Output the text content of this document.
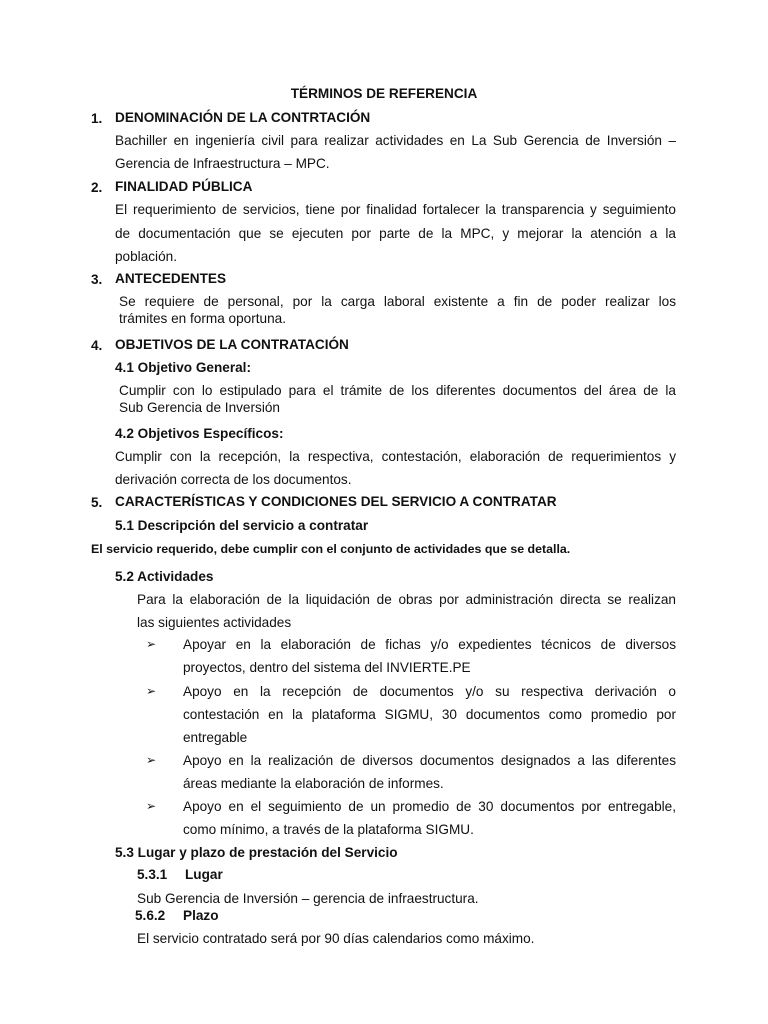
TÉRMINOS DE REFERENCIA
1. DENOMINACIÓN DE LA CONTRTACIÓN
Bachiller en ingeniería civil para realizar actividades en La Sub Gerencia de Inversión –
Gerencia de Infraestructura – MPC.
2. FINALIDAD PÚBLICA
El requerimiento de servicios, tiene por finalidad fortalecer la transparencia y seguimiento
de documentación que se ejecuten por parte de la MPC, y mejorar la atención a la
población.
3. ANTECEDENTES
Se requiere de personal, por la carga laboral existente a fin de poder realizar los
trámites en forma oportuna.
4. OBJETIVOS DE LA CONTRATACIÓN
4.1 Objetivo General:
Cumplir con lo estipulado para el trámite de los diferentes documentos del área de la
Sub Gerencia de Inversión
4.2 Objetivos Específicos:
Cumplir con la recepción, la respectiva, contestación, elaboración de requerimientos y
derivación correcta de los documentos.
5. CARACTERÍSTICAS Y CONDICIONES DEL SERVICIO A CONTRATAR
5.1 Descripción del servicio a contratar
El servicio requerido, debe cumplir con el conjunto de actividades que se detalla.
5.2 Actividades
Para la elaboración de la liquidación de obras por administración directa se realizan
las siguientes actividades
➢ Apoyar en la elaboración de fichas y/o expedientes técnicos de diversos
proyectos, dentro del sistema del INVIERTE.PE
➢ Apoyo en la recepción de documentos y/o su respectiva derivación o
contestación en la plataforma SIGMU, 30 documentos como promedio por
entregable
➢ Apoyo en la realización de diversos documentos designados a las diferentes
áreas mediante la elaboración de informes.
➢ Apoyo en el seguimiento de un promedio de 30 documentos por entregable,
como mínimo, a través de la plataforma SIGMU.
5.3 Lugar y plazo de prestación del Servicio
5.3.1 Lugar
Sub Gerencia de Inversión – gerencia de infraestructura.
5.6.2 Plazo
El servicio contratado será por 90 días calendarios como máximo.
